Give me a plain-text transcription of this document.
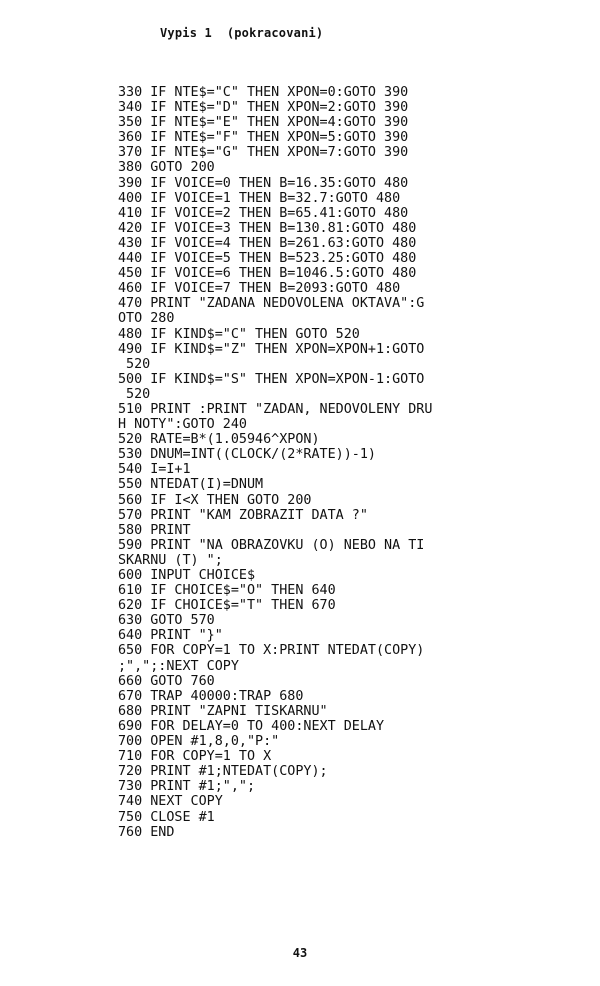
Vypis 1  (pokracovani)
330 IF NTE$="C" THEN XPON=0:GOTO 390
340 IF NTE$="D" THEN XPON=2:GOTO 390
350 IF NTE$="E" THEN XPON=4:GOTO 390
360 IF NTE$="F" THEN XPON=5:GOTO 390
370 IF NTE$="G" THEN XPON=7:GOTO 390
380 GOTO 200
390 IF VOICE=0 THEN B=16.35:GOTO 480
400 IF VOICE=1 THEN B=32.7:GOTO 480
410 IF VOICE=2 THEN B=65.41:GOTO 480
420 IF VOICE=3 THEN B=130.81:GOTO 480
430 IF VOICE=4 THEN B=261.63:GOTO 480
440 IF VOICE=5 THEN B=523.25:GOTO 480
450 IF VOICE=6 THEN B=1046.5:GOTO 480
460 IF VOICE=7 THEN B=2093:GOTO 480
470 PRINT "ZADANA NEDOVOLENA OKTAVA":G
OTO 280
480 IF KIND$="C" THEN GOTO 520
490 IF KIND$="Z" THEN XPON=XPON+1:GOTO
520
500 IF KIND$="S" THEN XPON=XPON-1:GOTO
520
510 PRINT :PRINT "ZADAN, NEDOVOLENY DRU
H NOTY":GOTO 240
520 RATE=B*(1.05946^XPON)
530 DNUM=INT((CLOCK/(2*RATE))-1)
540 I=I+1
550 NTEDAT(I)=DNUM
560 IF I<X THEN GOTO 200
570 PRINT "KAM ZOBRAZIT DATA ?"
580 PRINT
590 PRINT "NA OBRAZOVKU (O) NEBO NA TI
SKARNU (T) ";
600 INPUT CHOICE$
610 IF CHOICE$="O" THEN 640
620 IF CHOICE$="T" THEN 670
630 GOTO 570
640 PRINT "}"
650 FOR COPY=1 TO X:PRINT NTEDAT(COPY)
;",";:NEXT COPY
660 GOTO 760
670 TRAP 40000:TRAP 680
680 PRINT "ZAPNI TISKARNU"
690 FOR DELAY=0 TO 400:NEXT DELAY
700 OPEN #1,8,0,"P:"
710 FOR COPY=1 TO X
720 PRINT #1;NTEDAT(COPY);
730 PRINT #1;",";
740 NEXT COPY
750 CLOSE #1
760 END
43
